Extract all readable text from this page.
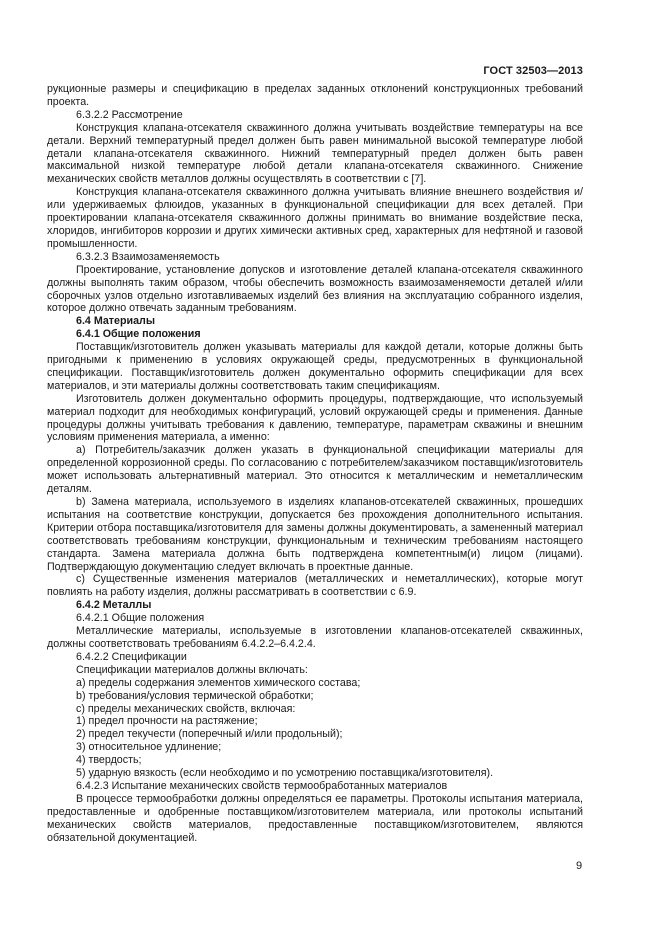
ГОСТ 32503—2013

рукционные размеры и спецификацию в пределах заданных отклонений конструкционных требований проекта.

6.3.2.2 Рассмотрение

Конструкция клапана-отсекателя скважинного должна учитывать воздействие температуры на все детали. Верхний температурный предел должен быть равен минимальной высокой температуре любой детали клапана-отсекателя скважинного. Нижний температурный предел должен быть равен максимальной низкой температуре любой детали клапана-отсекателя скважинного. Снижение механических свойств металлов должны осуществлять в соответствии с [7].

Конструкция клапана-отсекателя скважинного должна учитывать влияние внешнего воздействия и/или удерживаемых флюидов, указанных в функциональной спецификации для всех деталей. При проектировании клапана-отсекателя скважинного должны принимать во внимание воздействие песка, хлоридов, ингибиторов коррозии и других химически активных сред, характерных для нефтяной и газовой промышленности.

6.3.2.3 Взаимозаменяемость

Проектирование, установление допусков и изготовление деталей клапана-отсекателя скважинного должны выполнять таким образом, чтобы обеспечить возможность взаимозаменяемости деталей и/или сборочных узлов отдельно изготавливаемых изделий без влияния на эксплуатацию собранного изделия, которое должно отвечать заданным требованиям.

6.4 Материалы

6.4.1 Общие положения

Поставщик/изготовитель должен указывать материалы для каждой детали, которые должны быть пригодными к применению в условиях окружающей среды, предусмотренных в функциональной спецификации. Поставщик/изготовитель должен документально оформить спецификации для всех материалов, и эти материалы должны соответствовать таким спецификациям.

Изготовитель должен документально оформить процедуры, подтверждающие, что используемый материал подходит для необходимых конфигураций, условий окружающей среды и применения. Данные процедуры должны учитывать требования к давлению, температуре, параметрам скважины и внешним условиям применения материала, а именно:

а) Потребитель/заказчик должен указать в функциональной спецификации материалы для определенной коррозионной среды. По согласованию с потребителем/заказчиком поставщик/изготовитель может использовать альтернативный материал. Это относится к металлическим и неметаллическим деталям.

b) Замена материала, используемого в изделиях клапанов-отсекателей скважинных, прошедших испытания на соответствие конструкции, допускается без прохождения дополнительного испытания. Критерии отбора поставщика/изготовителя для замены должны документировать, а замененный материал соответствовать требованиям конструкции, функциональным и техническим требованиям настоящего стандарта. Замена материала должна быть подтверждена компетентным(и) лицом (лицами). Подтверждающую документацию следует включать в проектные данные.

с) Существенные изменения материалов (металлических и неметаллических), которые могут повлиять на работу изделия, должны рассматривать в соответствии с 6.9.

6.4.2 Металлы

6.4.2.1 Общие положения

Металлические материалы, используемые в изготовлении клапанов-отсекателей скважинных, должны соответствовать требованиям 6.4.2.2–6.4.2.4.

6.4.2.2 Спецификации

Спецификации материалов должны включать:

а) пределы содержания элементов химического состава;

b) требования/условия термической обработки;

с) пределы механических свойств, включая:

1) предел прочности на растяжение;

2) предел текучести (поперечный и/или продольный);

3) относительное удлинение;

4) твердость;

5) ударную вязкость (если необходимо и по усмотрению поставщика/изготовителя).

6.4.2.3 Испытание механических свойств термообработанных материалов

В процессе термообработки должны определяться ее параметры. Протоколы испытания материала, предоставленные и одобренные поставщиком/изготовителем материала, или протоколы испытаний механических свойств материалов, предоставленные поставщиком/изготовителем, являются обязательной документацией.

9
